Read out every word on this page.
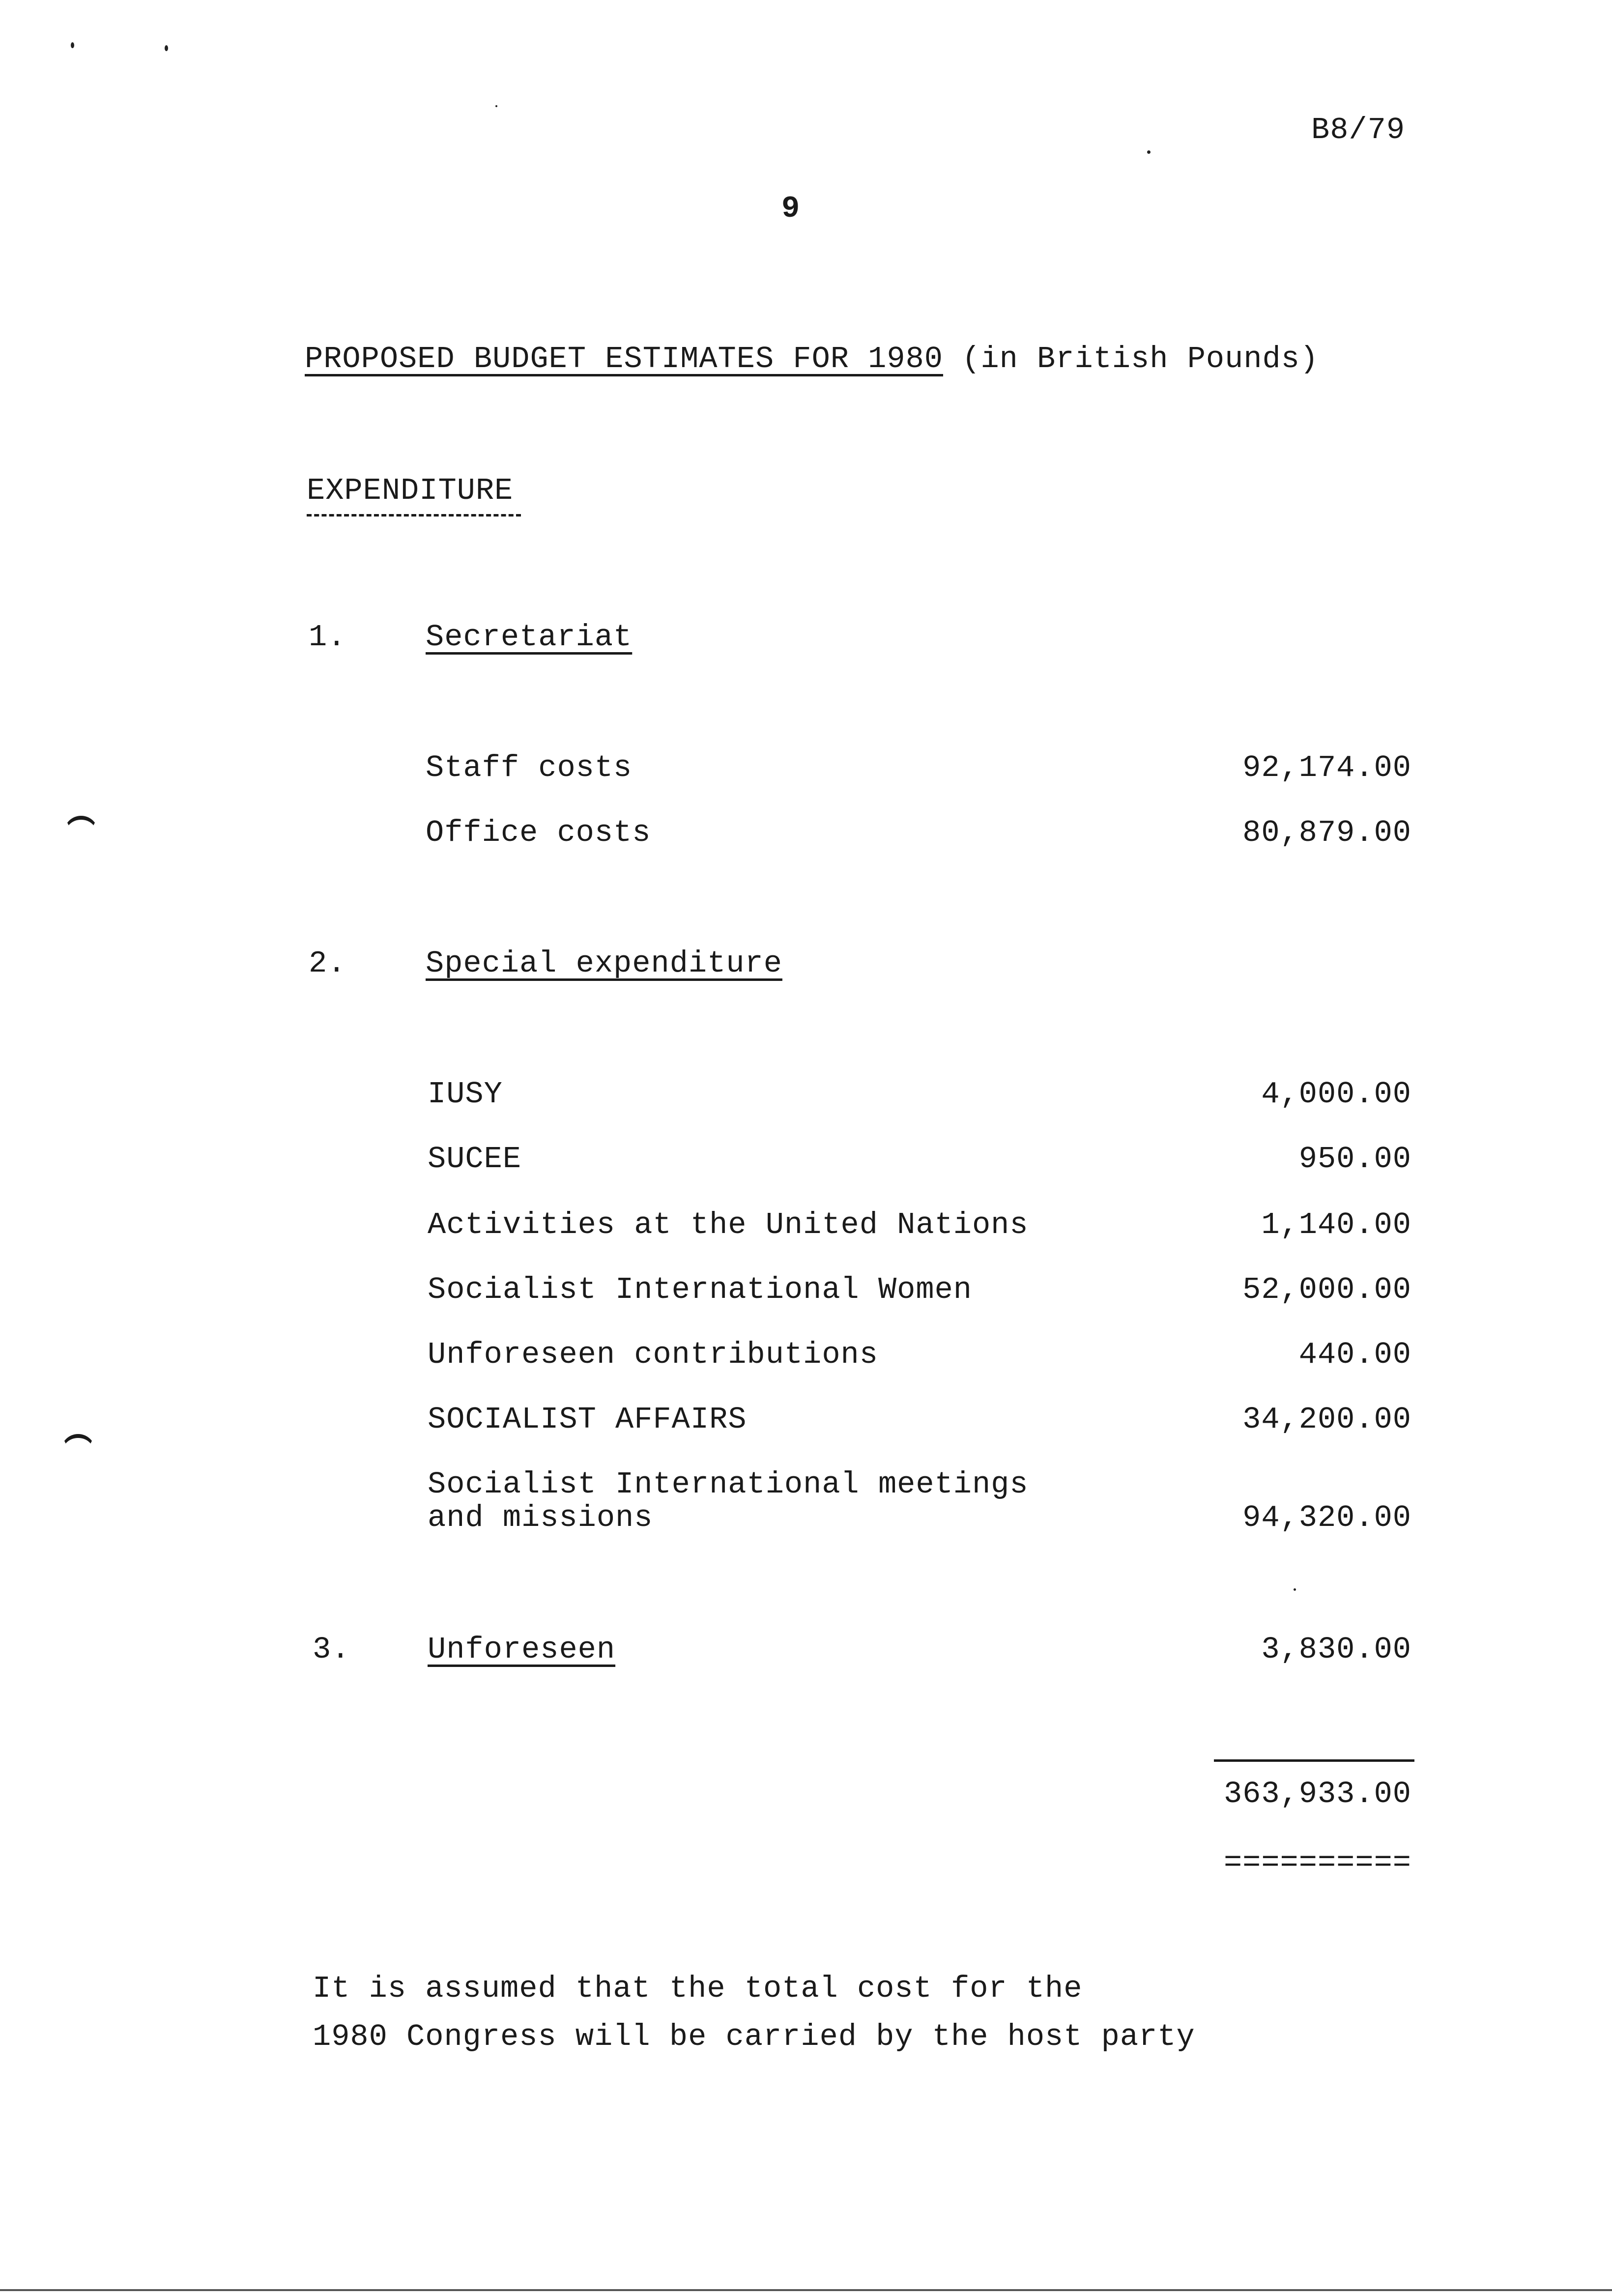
B8/79
9
PROPOSED BUDGET ESTIMATES FOR 1980 (in British Pounds)
EXPENDITURE
1.	Secretariat
Staff costs	92,174.00
Office costs	80,879.00
2.	Special expenditure
IUSY	4,000.00
SUCEE	950.00
Activities at the United Nations	1,140.00
Socialist International Women	52,000.00
Unforeseen contributions	440.00
SOCIALIST AFFAIRS	34,200.00
Socialist International meetings
and missions	94,320.00
3.	Unforeseen	3,830.00
363,933.00
==========
It is assumed that the total cost for the
1980 Congress will be carried by the host party
